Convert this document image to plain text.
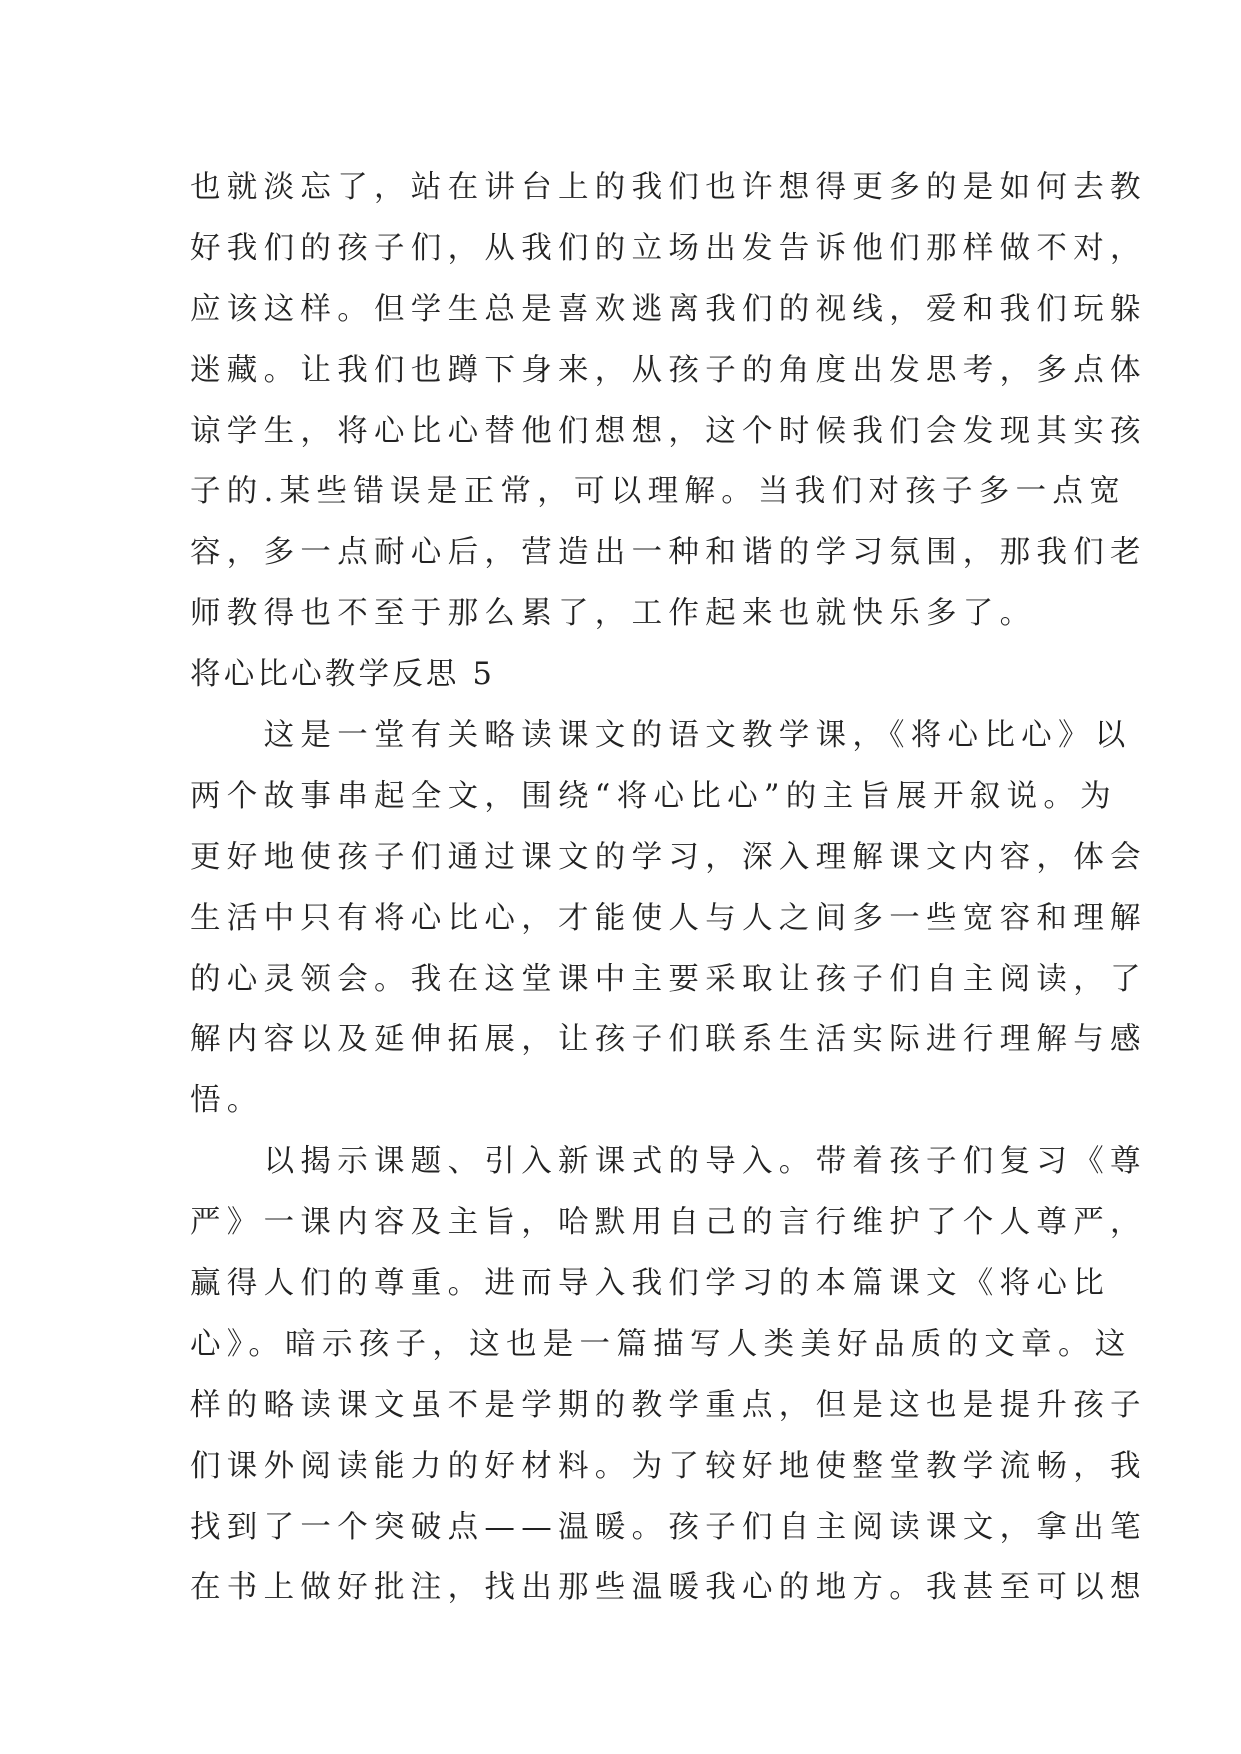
也就淡忘了，站在讲台上的我们也许想得更多的是如何去教
好我们的孩子们，从我们的立场出发告诉他们那样做不对，
应该这样。但学生总是喜欢逃离我们的视线，爱和我们玩躲
迷藏。让我们也蹲下身来，从孩子的角度出发思考，多点体
谅学生，将心比心替他们想想，这个时候我们会发现其实孩
子的.某些错误是正常，可以理解。当我们对孩子多一点宽
容，多一点耐心后，营造出一种和谐的学习氛围，那我们老
师教得也不至于那么累了，工作起来也就快乐多了。
将心比心教学反思 5
　　这是一堂有关略读课文的语文教学课，《将心比心》以
两个故事串起全文，围绕“将心比心”的主旨展开叙说。为
更好地使孩子们通过课文的学习，深入理解课文内容，体会
生活中只有将心比心，才能使人与人之间多一些宽容和理解
的心灵领会。我在这堂课中主要采取让孩子们自主阅读，了
解内容以及延伸拓展，让孩子们联系生活实际进行理解与感
悟。
　　以揭示课题、引入新课式的导入。带着孩子们复习《尊
严》一课内容及主旨，哈默用自己的言行维护了个人尊严，
赢得人们的尊重。进而导入我们学习的本篇课文《将心比
心》。暗示孩子，这也是一篇描写人类美好品质的文章。这
样的略读课文虽不是学期的教学重点，但是这也是提升孩子
们课外阅读能力的好材料。为了较好地使整堂教学流畅，我
找到了一个突破点——温暖。孩子们自主阅读课文，拿出笔
在书上做好批注，找出那些温暖我心的地方。我甚至可以想
